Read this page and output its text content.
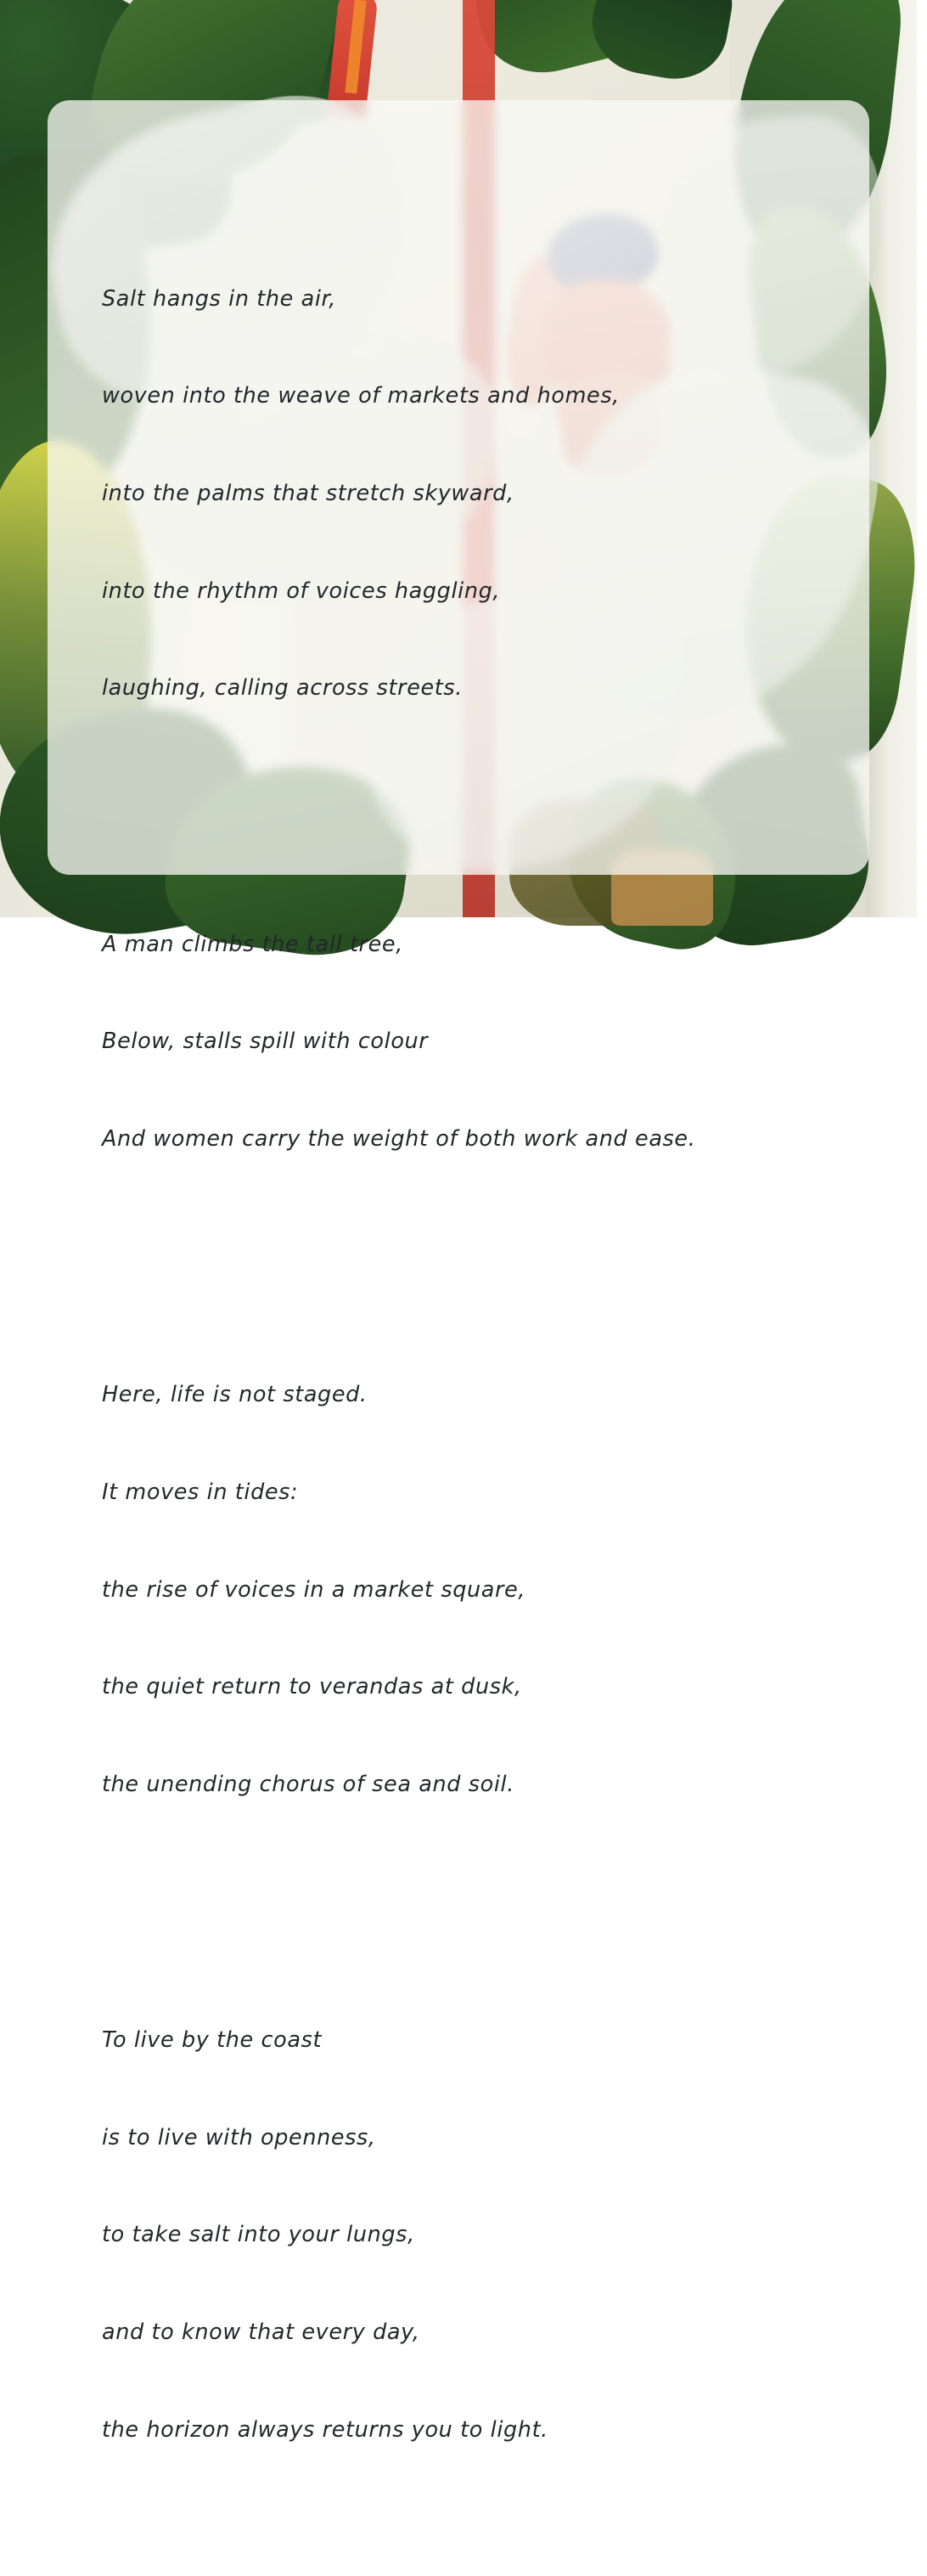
Salt hangs in the air,

woven into the weave of markets and homes,

into the palms that stretch skyward,

into the rhythm of voices haggling,

laughing, calling across streets.

A man climbs the tall tree,

Below, stalls spill with colour

And women carry the weight of both work and ease.

Here, life is not staged.

It moves in tides:

the rise of voices in a market square,

the quiet return to verandas at dusk,

the unending chorus of sea and soil.

To live by the coast

is to live with openness,

to take salt into your lungs,

and to know that every day,

the horizon always returns you to light.
